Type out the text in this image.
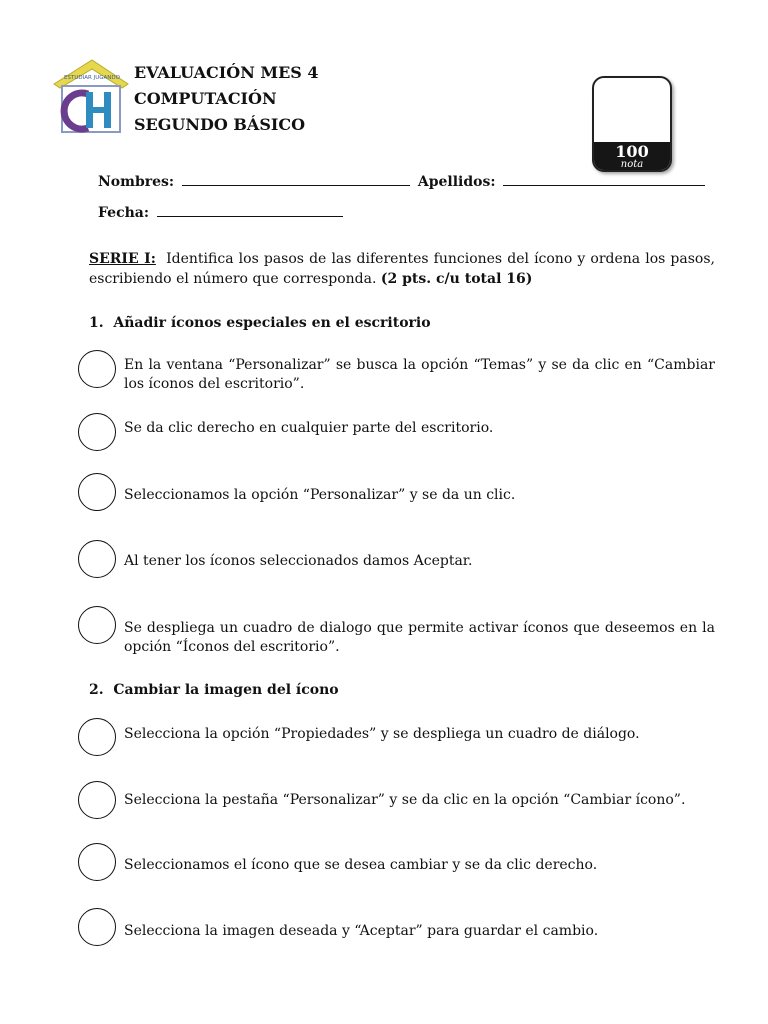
ESTUDIAR JUGANDO EVALUACIÓN MES 4
COMPUTACIÓN
SEGUNDO BÁSICO
100
nota
Nombres:	Apellidos:
Fecha:
SERIE I: Identifica los pasos de las diferentes funciones del ícono y ordena los pasos, escribiendo el número que corresponda. (2 pts. c/u total 16)
1. Añadir íconos especiales en el escritorio
En la ventana “Personalizar” se busca la opción “Temas” y se da clic en “Cambiar los íconos del escritorio”.
Se da clic derecho en cualquier parte del escritorio.
Seleccionamos la opción “Personalizar” y se da un clic.
Al tener los íconos seleccionados damos Aceptar.
Se despliega un cuadro de dialogo que permite activar íconos que deseemos en la opción “Íconos del escritorio”.
2. Cambiar la imagen del ícono
Selecciona la opción “Propiedades” y se despliega un cuadro de diálogo.
Selecciona la pestaña “Personalizar” y se da clic en la opción “Cambiar ícono”.
Seleccionamos el ícono que se desea cambiar y se da clic derecho.
Selecciona la imagen deseada y “Aceptar” para guardar el cambio.
